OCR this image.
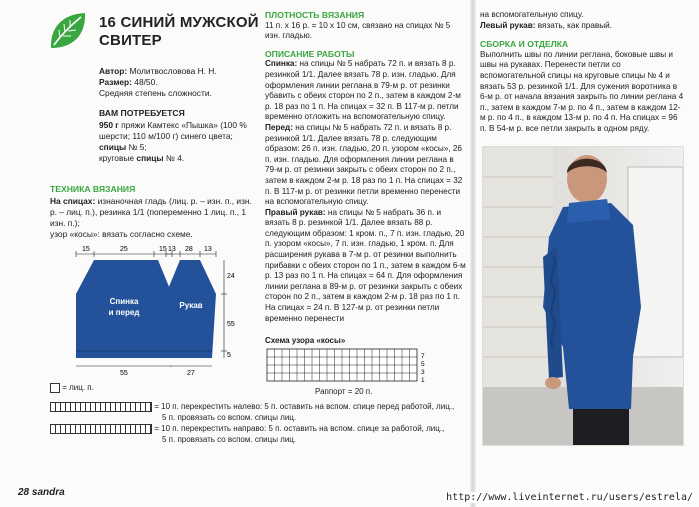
16 СИНИЙ МУЖСКОЙ
СВИТЕР
Автор: Молитвословова Н. Н.
Размер: 48/50.
Средняя степень сложности.
ВАМ ПОТРЕБУЕТСЯ
950 г пряжи Камтекс «Пышка» (100 % шерсти; 110 м/100 г) синего цвета;
спицы № 5;
круговые спицы № 4.
ТЕХНИКА ВЯЗАНИЯ
На спицах: изнаночная гладь (лиц. р. – изн. п., изн. р. – лиц. п.), резинка 1/1 (попеременно 1 лиц. п., 1 изн. п.);
узор «косы»: вязать согласно схеме.
Спинка
и перед
15	25	15
55
Рукав
13 28 13
27
24
55
5
ПЛОТНОСТЬ ВЯЗАНИЯ

11 п. х 16 р. = 10 х 10 см, связано на спицах № 5 изн. гладью.

ОПИСАНИЕ РАБОТЫ

Спинка: на спицы № 5 набрать 72 п. и вязать 8 р. резинкой 1/1. Далее вязать 78 р. изн. гладью. Для оформления линии реглана в 79-м р. от резинки убавить с обеих сторон по 2 п., затем в каждом 2-м р. 18 раз по 1 п. На спицах = 32 п. В 117-м р. петли временно отложить на вспомогательную спицу.

Перед: на спицы № 5 набрать 72 п. и вязать 8 р. резинкой 1/1. Далее вязать 78 р. следующим образом: 26 п. изн. гладью, 20 п. узором «косы», 26 п. изн. гладью. Для оформления линии реглана в 79-м р. от резинки закрыть с обеих сторон по 2 п., затем в каждом 2-м р. 18 раз по 1 п. На спицах = 32 п. В 117-м р. от резинки петли временно перенести на вспомогательную спицу.

Правый рукав: на спицы № 5 набрать 36 п. и вязать 8 р. резинкой 1/1. Далее вязать 88 р. следующим образом: 1 кром. п., 7 п. изн. гладью, 20 п. узором «косы», 7 п. изн. гладью, 1 кром. п. Для расширения рукава в 7-м р. от резинки выполнить прибавки с обеих сторон по 1 п., затем в каждом 6-м р. 13 раз по 1 п. На спицах = 64 п. Для оформления линии реглана в 89-м р. от резинки закрыть с обеих сторон по 2 п., затем в каждом 2-м р. 18 раз по 1 п. На спицах = 24 п. В 127-м р. от резинки петли временно перенести

Схема узора «косы»
7
5
3
1
Раппорт = 20 п.

на вспомогательную спицу.

Левый рукав: вязать, как правый.

СБОРКА И ОТДЕЛКА

Выполнить швы по линии реглана, боковые швы и швы на рукавах. Перенести петли со вспомогательной спицы на круговые спицы № 4 и вязать 53 р. резинкой 1/1. Для сужения воротника в 6-м р. от начала вязания закрыть по линии реглана 4 п., затем в каждом 7-м р. по 4 п., затем в каждом 12-м р. по 4 п., в каждом 13-м р. по 4 п. На спицах = 96 п. В 54-м р. все петли закрыть в одном ряду.

= лиц. п.
= 10 п. перекрестить налево: 5 п. оставить на вспом. спице перед работой, лиц.,
5 п. провязать со вспом. спицы лиц.
= 10 п. перекрестить направо: 5 п. оставить на вспом. спице за работой, лиц.,
5 п. провязать со вспом. спицы лиц.
28 sandra	http://www.liveinternet.ru/users/estrela/
